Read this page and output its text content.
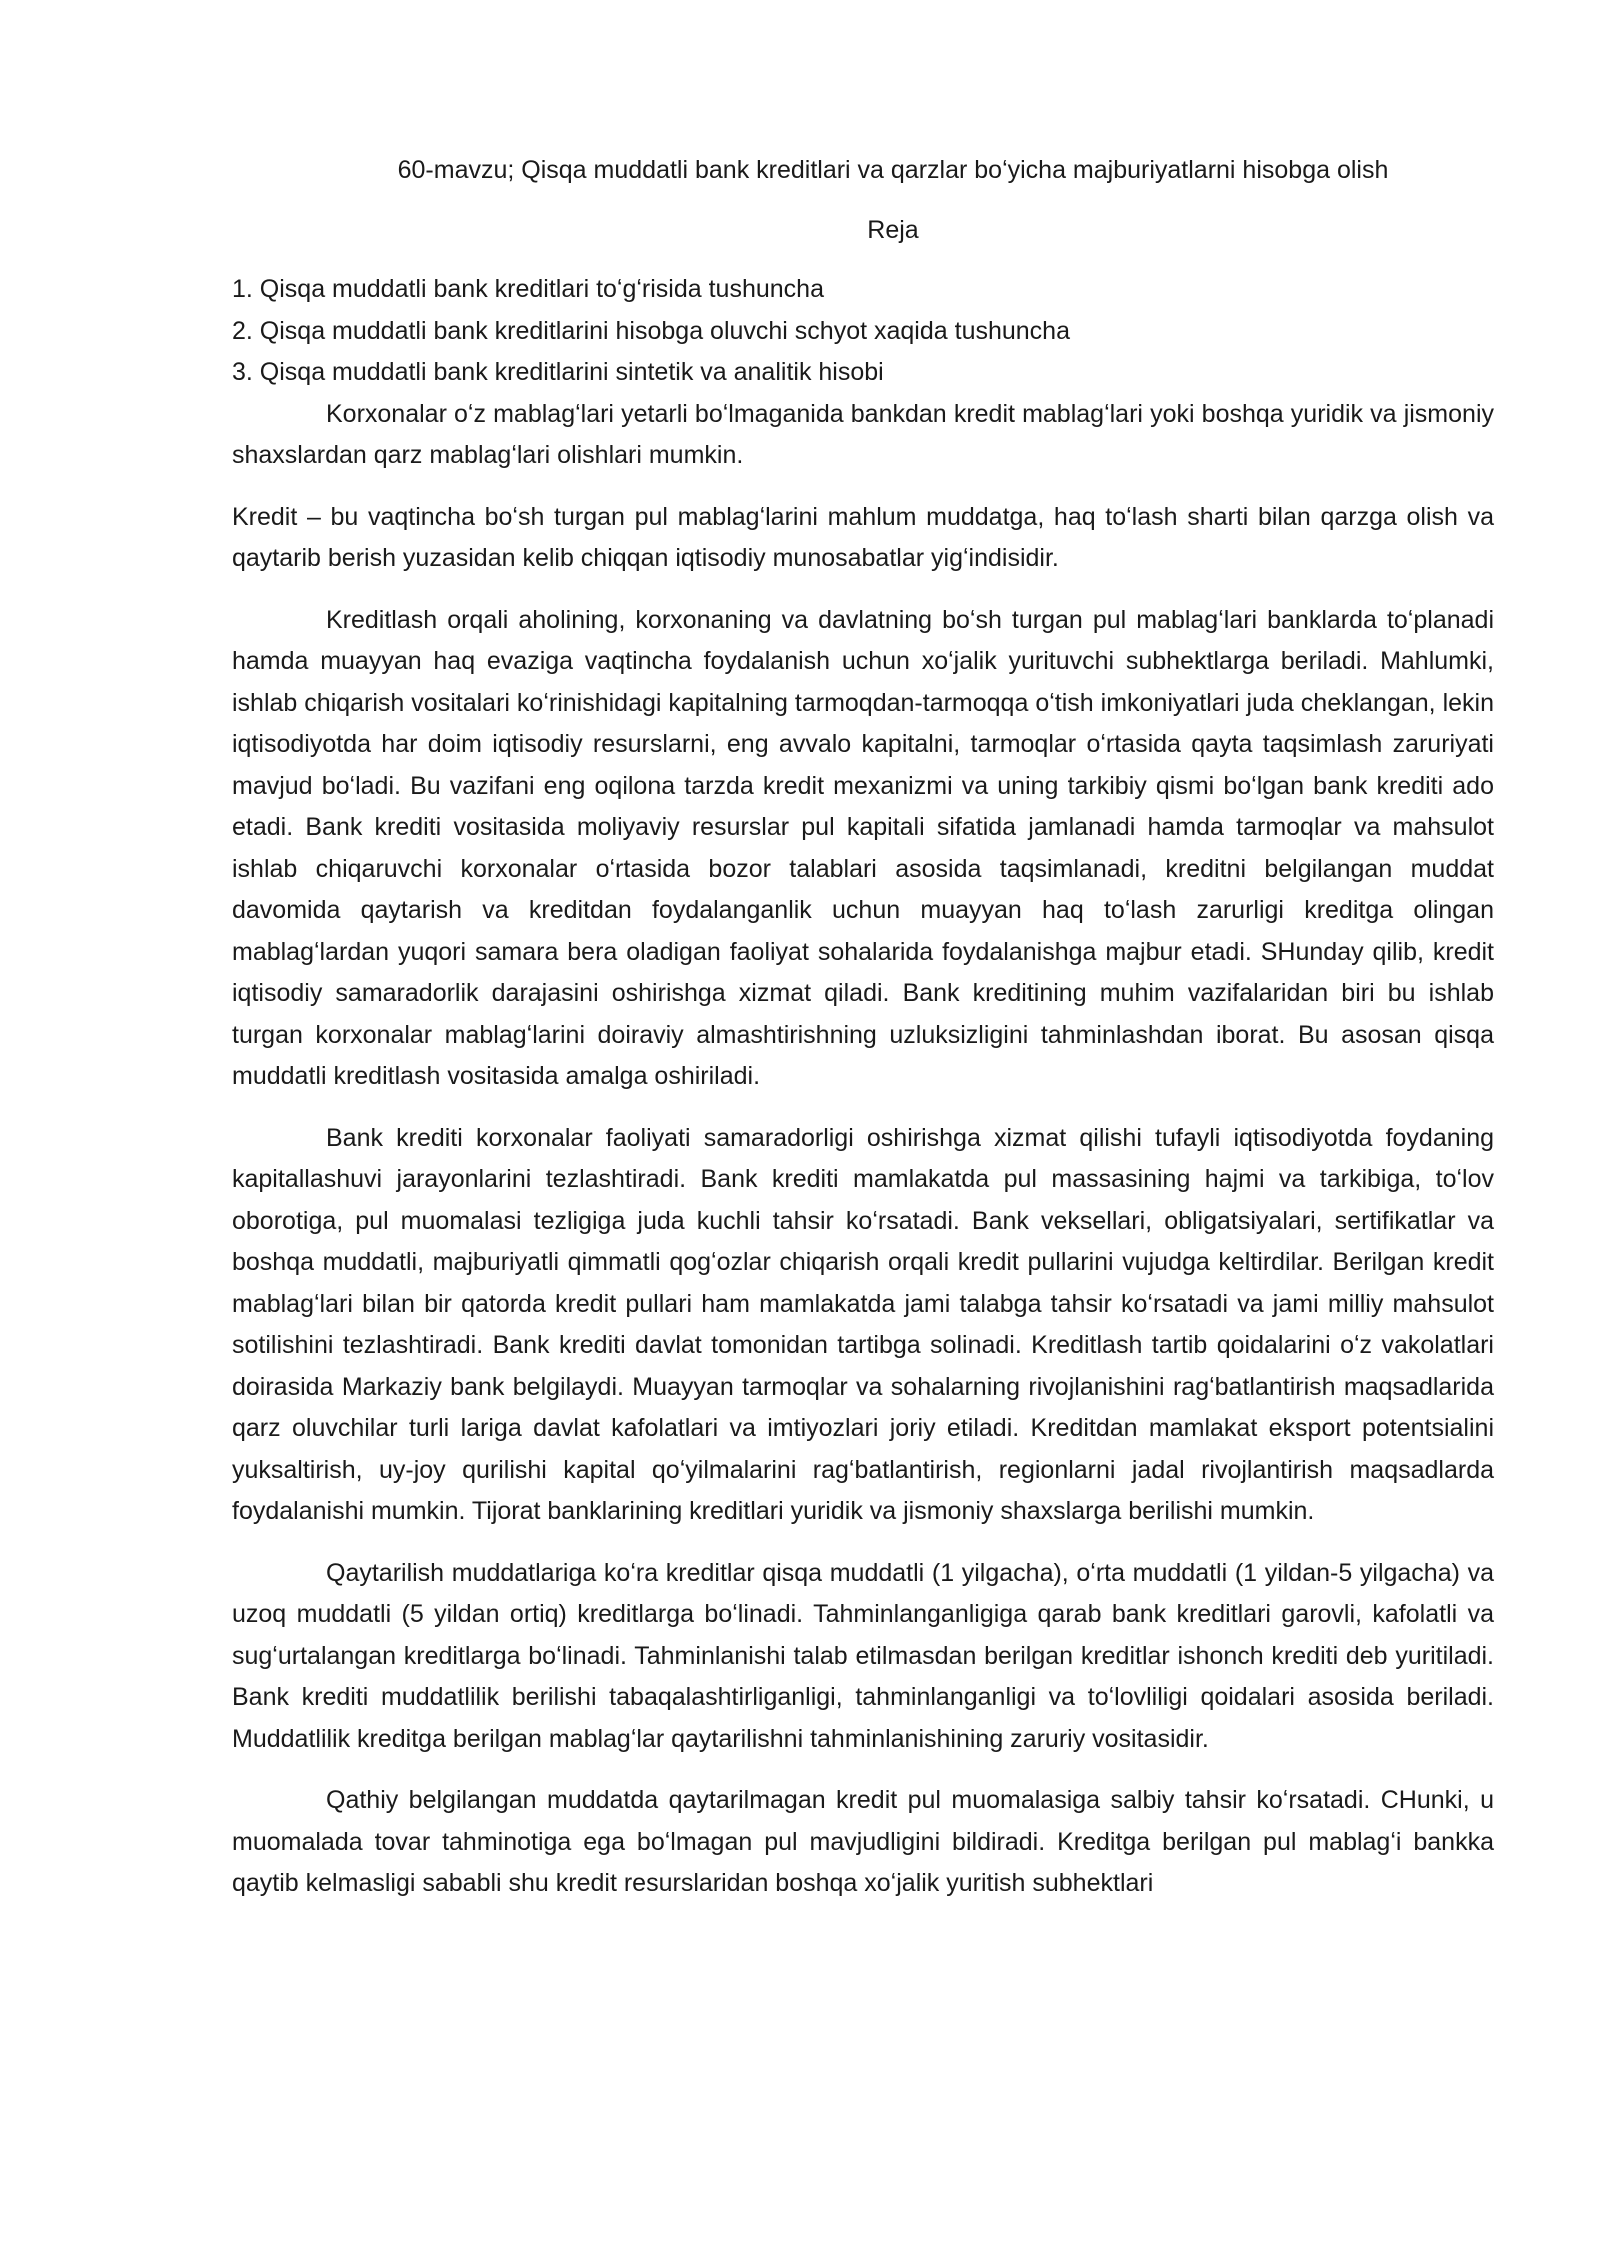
60-mavzu; Qisqa muddatli bank kreditlari va qarzlar boʻyicha majburiyatlarni hisobga olish

Reja

1. Qisqa muddatli bank kreditlari toʻgʻrisida tushuncha
2. Qisqa muddatli bank kreditlarini hisobga oluvchi schyot xaqida tushuncha
3. Qisqa muddatli bank kreditlarini sintetik va analitik hisobi

Korxonalar oʻz mablagʻlari yetarli boʻlmaganida bankdan kredit mablagʻlari yoki boshqa yuridik va jismoniy shaxslardan qarz mablagʻlari olishlari mumkin.

Kredit – bu vaqtincha boʻsh turgan pul mablagʻlarini mahlum muddatga, haq toʻlash sharti bilan qarzga olish va qaytarib berish yuzasidan kelib chiqqan iqtisodiy munosabatlar yigʻindisidir.

Kreditlash orqali aholining, korxonaning va davlatning boʻsh turgan pul mablagʻlari banklarda toʻplanadi hamda muayyan haq evaziga vaqtincha foydalanish uchun xoʻjalik yurituvchi subhektlarga beriladi. Mahlumki, ishlab chiqarish vositalari koʻrinishidagi kapitalning tarmoqdan-tarmoqqa oʻtish imkoniyatlari juda cheklangan, lekin iqtisodiyotda har doim iqtisodiy resurslarni, eng avvalo kapitalni, tarmoqlar oʻrtasida qayta taqsimlash zaruriyati mavjud boʻladi. Bu vazifani eng oqilona tarzda kredit mexanizmi va uning tarkibiy qismi boʻlgan bank krediti ado etadi. Bank krediti vositasida moliyaviy resurslar pul kapitali sifatida jamlanadi hamda tarmoqlar va mahsulot ishlab chiqaruvchi korxonalar oʻrtasida bozor talablari asosida taqsimlanadi, kreditni belgilangan muddat davomida qaytarish va kreditdan foydalanganlik uchun muayyan haq toʻlash zarurligi kreditga olingan mablagʻlardan yuqori samara bera oladigan faoliyat sohalarida foydalanishga majbur etadi. SHunday qilib, kredit iqtisodiy samaradorlik darajasini oshirishga xizmat qiladi. Bank kreditining muhim vazifalaridan biri bu ishlab turgan korxonalar mablagʻlarini doiraviy almashtirishning uzluksizligini tahminlashdan iborat. Bu asosan qisqa muddatli kreditlash vositasida amalga oshiriladi.

Bank krediti korxonalar faoliyati samaradorligi oshirishga xizmat qilishi tufayli iqtisodiyotda foydaning kapitallashuvi jarayonlarini tezlashtiradi. Bank krediti mamlakatda pul massasining hajmi va tarkibiga, toʻlov oborotiga, pul muomalasi tezligiga juda kuchli tahsir koʻrsatadi. Bank veksellari, obligatsiyalari, sertifikatlar va boshqa muddatli, majburiyatli qimmatli qogʻozlar chiqarish orqali kredit pullarini vujudga keltirdilar. Berilgan kredit mablagʻlari bilan bir qatorda kredit pullari ham mamlakatda jami talabga tahsir koʻrsatadi va jami milliy mahsulot sotilishini tezlashtiradi. Bank krediti davlat tomonidan tartibga solinadi. Kreditlash tartib qoidalarini oʻz vakolatlari doirasida Markaziy bank belgilaydi. Muayyan tarmoqlar va sohalarning rivojlanishini ragʻbatlantirish maqsadlarida qarz oluvchilar turli lariga davlat kafolatlari va imtiyozlari joriy etiladi. Kreditdan mamlakat eksport potentsialini yuksaltirish, uy-joy qurilishi kapital qoʻyilmalarini ragʻbatlantirish, regionlarni jadal rivojlantirish maqsadlarda foydalanishi mumkin. Tijorat banklarining kreditlari yuridik va jismoniy shaxslarga berilishi mumkin.

Qaytarilish muddatlariga koʻra kreditlar qisqa muddatli (1 yilgacha), oʻrta muddatli (1 yildan-5 yilgacha) va uzoq muddatli (5 yildan ortiq) kreditlarga boʻlinadi. Tahminlanganligiga qarab bank kreditlari garovli, kafolatli va sugʻurtalangan kreditlarga boʻlinadi. Tahminlanishi talab etilmasdan berilgan kreditlar ishonch krediti deb yuritiladi. Bank krediti muddatlilik berilishi tabaqalashtirliganligi, tahminlanganligi va toʻlovliligi qoidalari asosida beriladi. Muddatlilik kreditga berilgan mablagʻlar qaytarilishni tahminlanishining zaruriy vositasidir.

Qathiy belgilangan muddatda qaytarilmagan kredit pul muomalasiga salbiy tahsir koʻrsatadi. CHunki, u muomalada tovar tahminotiga ega boʻlmagan pul mavjudligini bildiradi. Kreditga berilgan pul mablagʻi bankka qaytib kelmasligi sababli shu kredit resurslaridan boshqa xoʻjalik yuritish subhektlari
